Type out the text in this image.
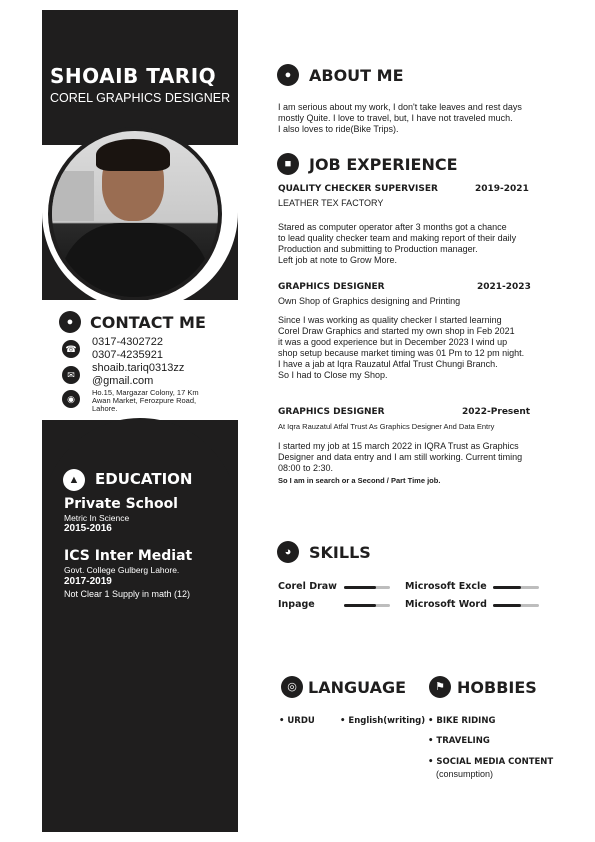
SHOAIB TARIQ
COREL GRAPHICS DESIGNER
●	CONTACT ME
☎
0317-4302722
0307-4235921
✉
shoaib.tariq0313zz
@gmail.com
◉
Ho.15, Margazar Colony, 17 Km
Awan Market, Ferozpure Road,
Lahore.
▲	EDUCATION
Private School
Metric In Science
2015-2016
ICS Inter Mediat
Govt. College Gulberg Lahore.
2017-2019
Not Clear 1 Supply in math (12)
●	ABOUT ME
I am serious about my work, I don't take leaves and rest days
mostly Quite. I love to travel, but, I have not traveled much.
I also loves to ride(Bike Trips).
■	JOB EXPERIENCE
QUALITY CHECKER SUPERVISER	2019-2021
LEATHER TEX FACTORY
Stared as computer operator after 3 months got a chance
to lead quality checker team and making report of their daily
Production and submitting to Production manager.
Left job at note to Grow More.
GRAPHICS DESIGNER	2021-2023
Own Shop of Graphics designing and Printing
Since I was working as quality checker I started learning
Corel Draw Graphics and started my own shop in Feb 2021
it was a good experience but in December 2023 I wind up
shop setup because market timing was 01 Pm to 12 pm night.
I have a jab at Iqra Rauzatul Atfal Trust Chungi Branch.
So I had to Close my Shop.
GRAPHICS DESIGNER	2022-Present
At Iqra Rauzatul Atfal Trust As Graphics Designer And Data Entry
I started my job at 15 march 2022 in IQRA Trust as Graphics
Designer and data entry and I am still working. Current timing
08:00 to 2:30.
So I am in search or a Second / Part Time job.
◕	SKILLS
Corel Draw	Microsoft Excle
Inpage	Microsoft Word
◎ LANGUAGE
• URDU	• English(writing)
⚑ HOBBIES
• BIKE RIDING
• TRAVELING
• SOCIAL MEDIA CONTENT
(consumption)
